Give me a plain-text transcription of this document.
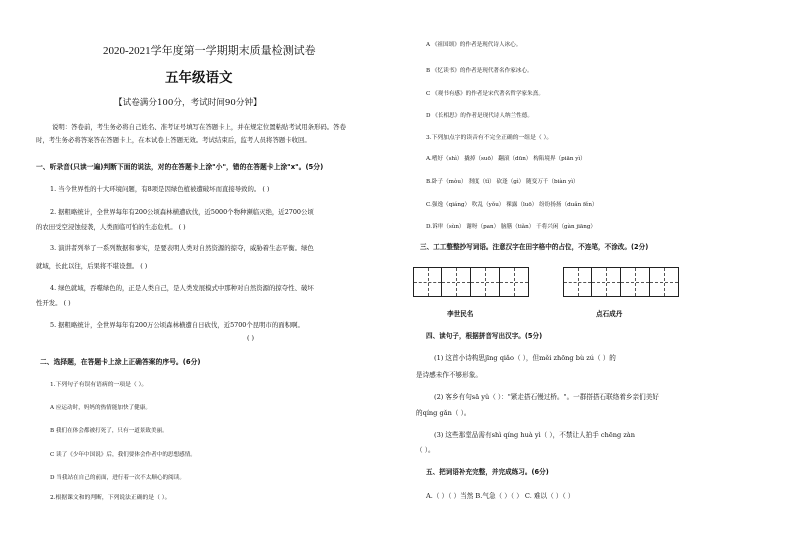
2020-2021学年度第一学期期末质量检测试卷
五年级语文
【试卷满分100分，考试时间90分钟】
说明：答卷前，考生务必将自己姓名、准考证号填写在答题卡上，并在规定位置粘贴考试用条形码。答卷
时，考生务必将答案答在答题卡上，在本试卷上答题无效。考试结束后，监考人员将答题卡收回。
一、听录音(只读一遍)判断下面的说法，对的在答题卡上涂"小"，错的在答题卡上涂"x"。(5分)
1. 当今世界性的十大环境问题，有8项是因绿色植被遭破坏而直接导致的。 ( )
2. 据粗略统计，全世界每年有200公顷森林横遭砍伐，近5000个物种濒临灭绝，近2700公顷
的农田受空浸蚀侵袭，人类面临可怕的生态危机。 ( )
3. 演讲者列举了一系列数据和事实，是要表明人类对自然资源的掠夺，威胁着生态平衡。绿色
就域，长此以往，后果将不堪设想。 ( )
4. 绿色就域，吞噬绿色的，正是人类自己，是人类发展模式中那种对自然资源的掠夺性、破坏
性开发。 ( )
5. 据粗略统计，全世界每年有200万公顷森林横遭自日砍伐，近5700个昆明市的面积啊。
( )
二、选择题，在答题卡上涂上正确答案的序号。(6分)
1.下列句子有误有语病的一项是（ ）。
A 应运动时，妈妈的热情能加快了健康。
B 我们在体会都被打死了，只有一道景致美丽。
C 读了《少年中国说》后，我们要体会作者中的思想感情。
D 当我站在自己的前面，进行着一次不太顺心的阅读。
2.根据课文和的判断，下列说法正确的是（ ）。
A 《祖国颂》的作者是现代诗人冰心。
B 《忆读书》的作者是现代著名作家冰心。
C 《观书有感》的作者是宋代著名哲学家朱熹。
D 《长相思》的作者是现代诗人纳兰性德。
3.下列加点字的读音有不完全正确的一组是（ ）。
A.嗜好（shì） 撬掉（suō） 翻滚（dūn） 构陷境界（piān yì）
B.卧子（mòu） 刹度（tǐ） 砍逢（gì） 随变万千（biàn yì）
C.强逸（qiáng） 吹乱（yǒu） 裸露（luō） 纷纷扬扬（duǎn fěn）
D.诉审（sùn） 谢呀（pan） 脑膳（tiǎn） 千将兴闲（gàn jiāng）
三、工工整整抄写词语。注意汉字在田字格中的占位，不连笔，不涂改。(2分)
李世民名	点石成丹
四、读句子，根据拼音写出汉字。(5分)
(1) 这首小诗构思jīng qiǎo（ ），但měi zhōng bù zú（ ）的
是诗感未作不够形象。
(2) 客乡有句sā yǔ（ ）："紧走搭石慢过桥。"。一群搭搭石联络着乡亲们美好
的qíng gǎn（ ）。
(3) 这些那堂品需有shì qíng huà yì（ ），不禁让人拍手 chēng zàn
（ ）。
五、把词语补充完整，并完成练习。(6分)
A.（ ）（ ）当然 B.气急（ ）（ ） C. 难以（ ）（ ）
